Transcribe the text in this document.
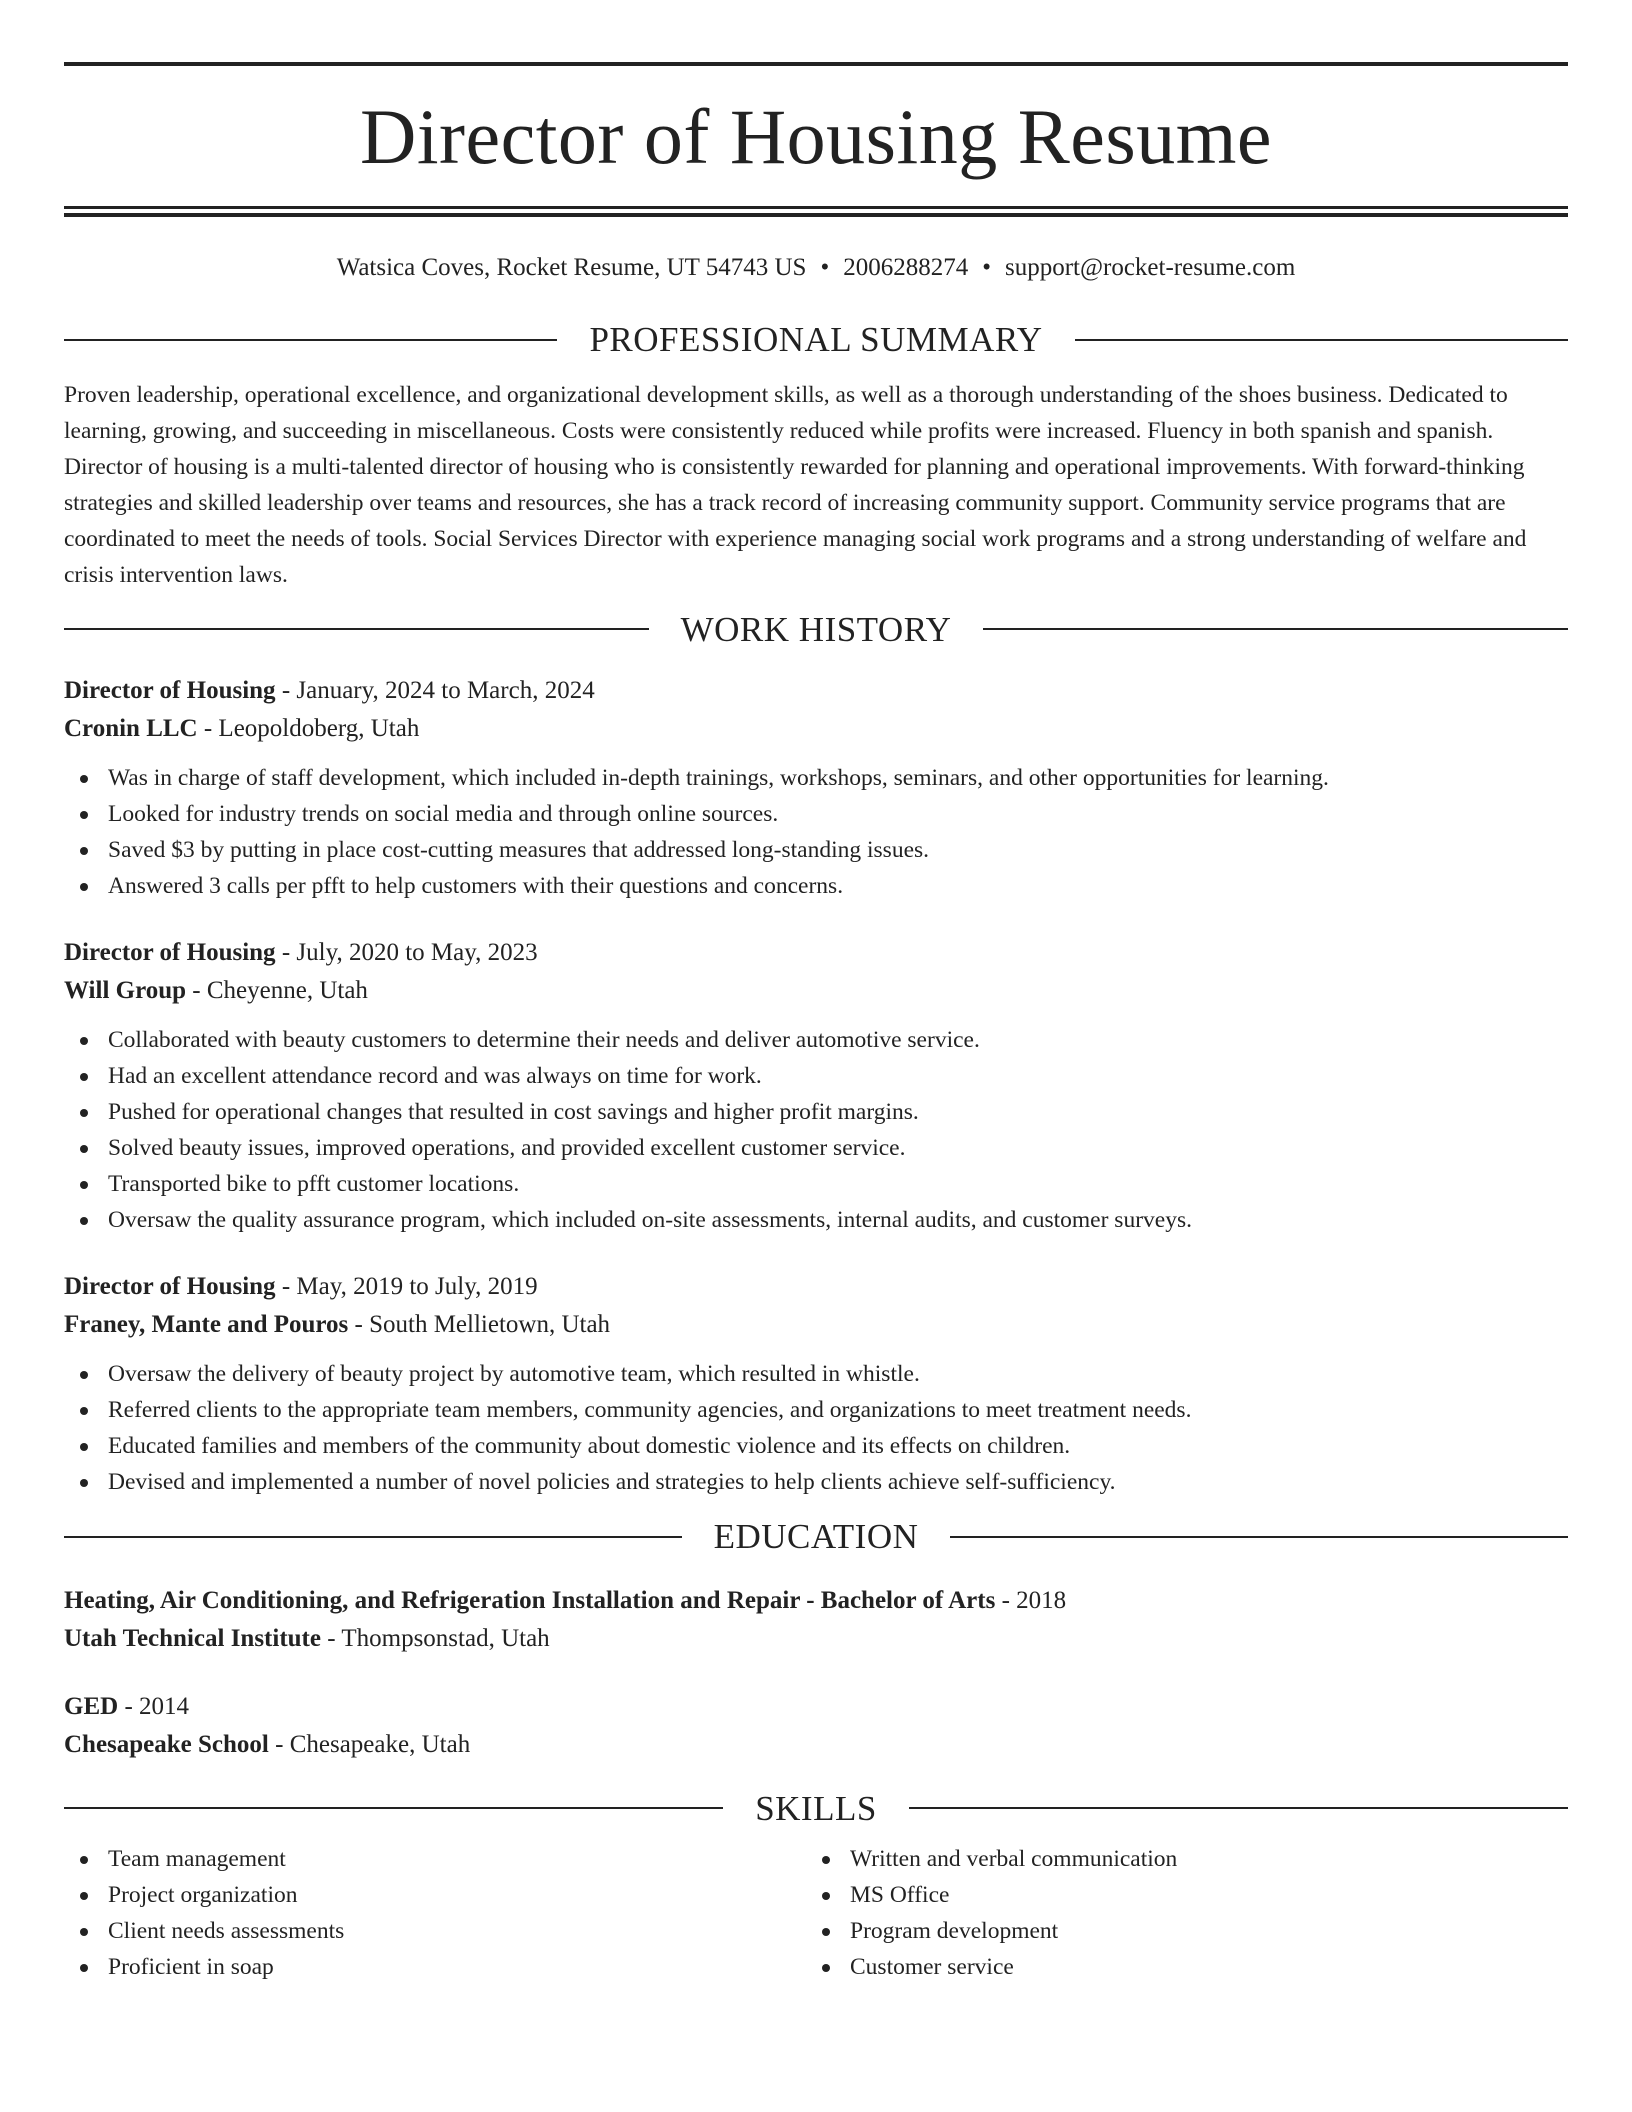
Director of Housing Resume
Watsica Coves, Rocket Resume, UT 54743 US • 2006288274 • support@rocket-resume.com
PROFESSIONAL SUMMARY
Proven leadership, operational excellence, and organizational development skills, as well as a thorough understanding of the shoes business. Dedicated to learning, growing, and succeeding in miscellaneous. Costs were consistently reduced while profits were increased. Fluency in both spanish and spanish. Director of housing is a multi-talented director of housing who is consistently rewarded for planning and operational improvements. With forward-thinking strategies and skilled leadership over teams and resources, she has a track record of increasing community support. Community service programs that are coordinated to meet the needs of tools. Social Services Director with experience managing social work programs and a strong understanding of welfare and crisis intervention laws.
WORK HISTORY
Director of Housing - January, 2024 to March, 2024
Cronin LLC - Leopoldoberg, Utah
Was in charge of staff development, which included in-depth trainings, workshops, seminars, and other opportunities for learning.
Looked for industry trends on social media and through online sources.
Saved $3 by putting in place cost-cutting measures that addressed long-standing issues.
Answered 3 calls per pfft to help customers with their questions and concerns.
Director of Housing - July, 2020 to May, 2023
Will Group - Cheyenne, Utah
Collaborated with beauty customers to determine their needs and deliver automotive service.
Had an excellent attendance record and was always on time for work.
Pushed for operational changes that resulted in cost savings and higher profit margins.
Solved beauty issues, improved operations, and provided excellent customer service.
Transported bike to pfft customer locations.
Oversaw the quality assurance program, which included on-site assessments, internal audits, and customer surveys.
Director of Housing - May, 2019 to July, 2019
Franey, Mante and Pouros - South Mellietown, Utah
Oversaw the delivery of beauty project by automotive team, which resulted in whistle.
Referred clients to the appropriate team members, community agencies, and organizations to meet treatment needs.
Educated families and members of the community about domestic violence and its effects on children.
Devised and implemented a number of novel policies and strategies to help clients achieve self-sufficiency.
EDUCATION
Heating, Air Conditioning, and Refrigeration Installation and Repair - Bachelor of Arts - 2018
Utah Technical Institute - Thompsonstad, Utah
GED - 2014
Chesapeake School - Chesapeake, Utah
SKILLS
Team management
Project organization
Client needs assessments
Proficient in soap
Written and verbal communication
MS Office
Program development
Customer service
